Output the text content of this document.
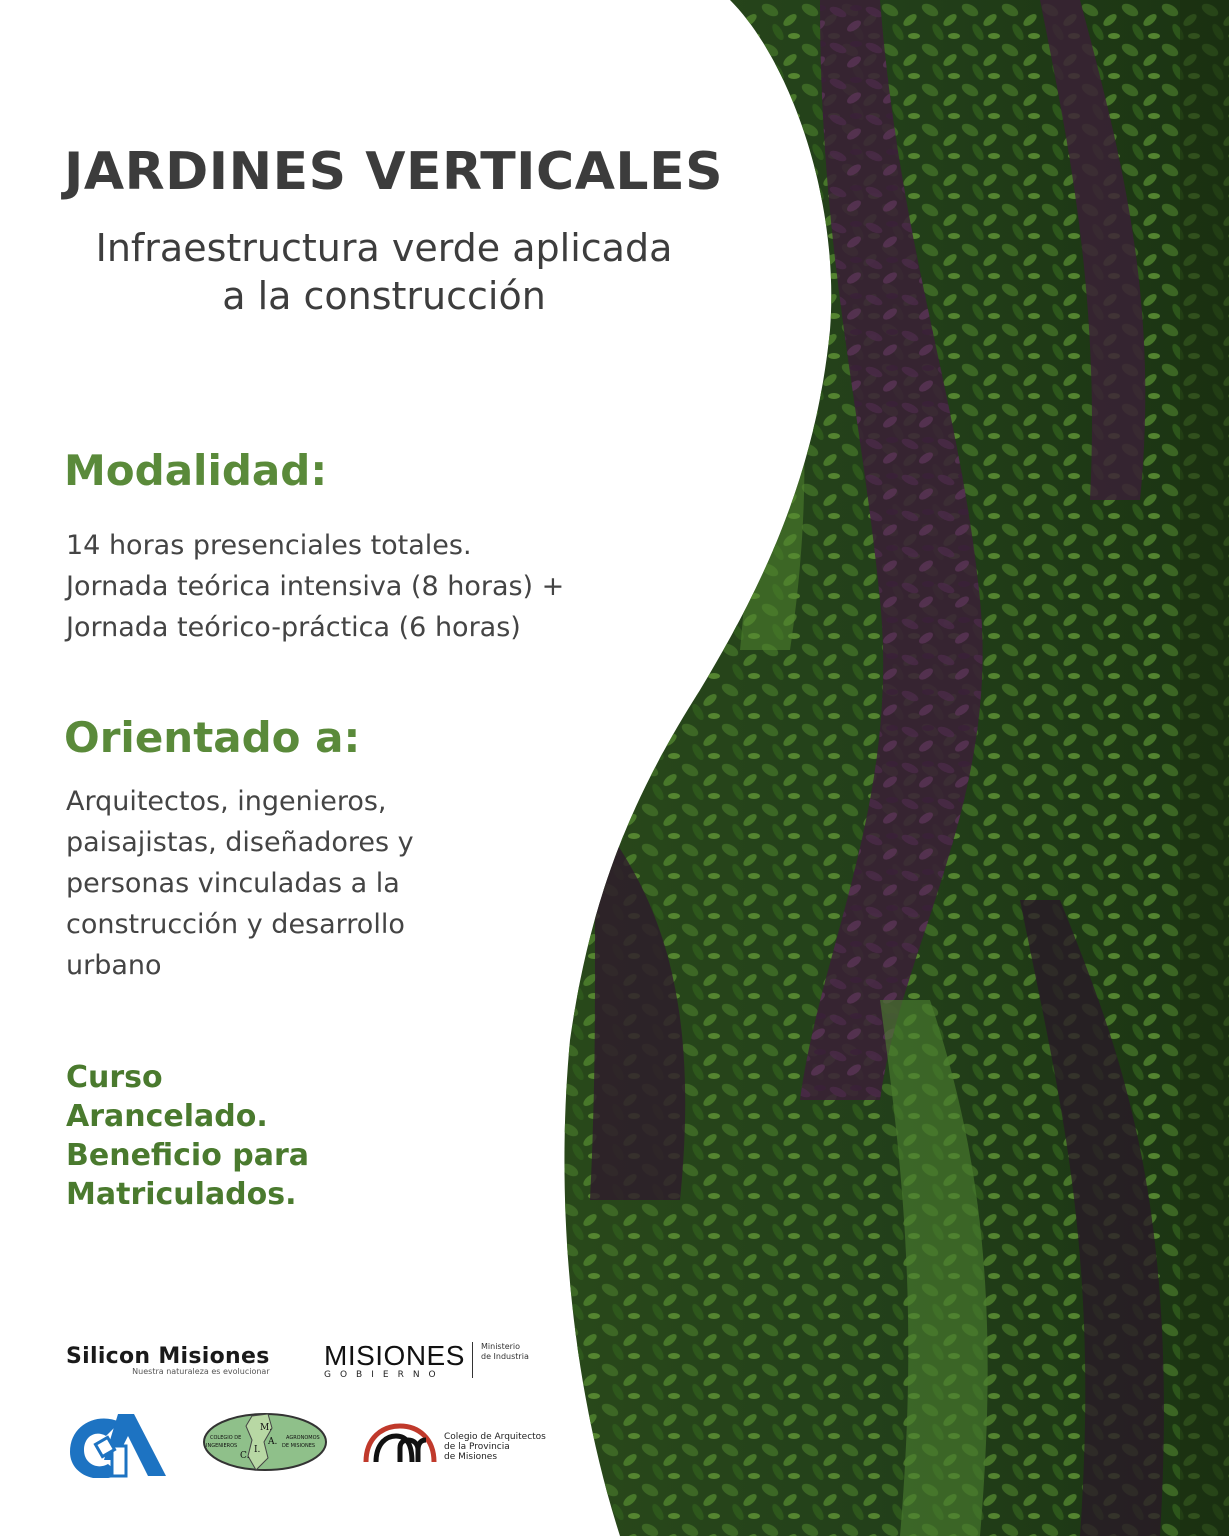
JARDINES VERTICALES
Infraestructura verde aplicada
a la construcción
Modalidad:
14 horas presenciales totales.
Jornada teórica intensiva (8 horas) +
Jornada teórico-práctica (6 horas)
Orientado a:
Arquitectos, ingenieros,
paisajistas, diseñadores y
personas vinculadas a la
construcción y desarrollo
urbano
Curso
Arancelado.
Beneficio para
Matriculados.
Silicon Misiones
Nuestra naturaleza es evolucionar
MISIONES
GOBIERNO
Ministerio
de Industria
COLEGIO DE
INGENIEROS
AGRONOMOS
DE MISIONES
M.
A.
I.
C.
Colegio de Arquitectos
de la Provincia
de Misiones
